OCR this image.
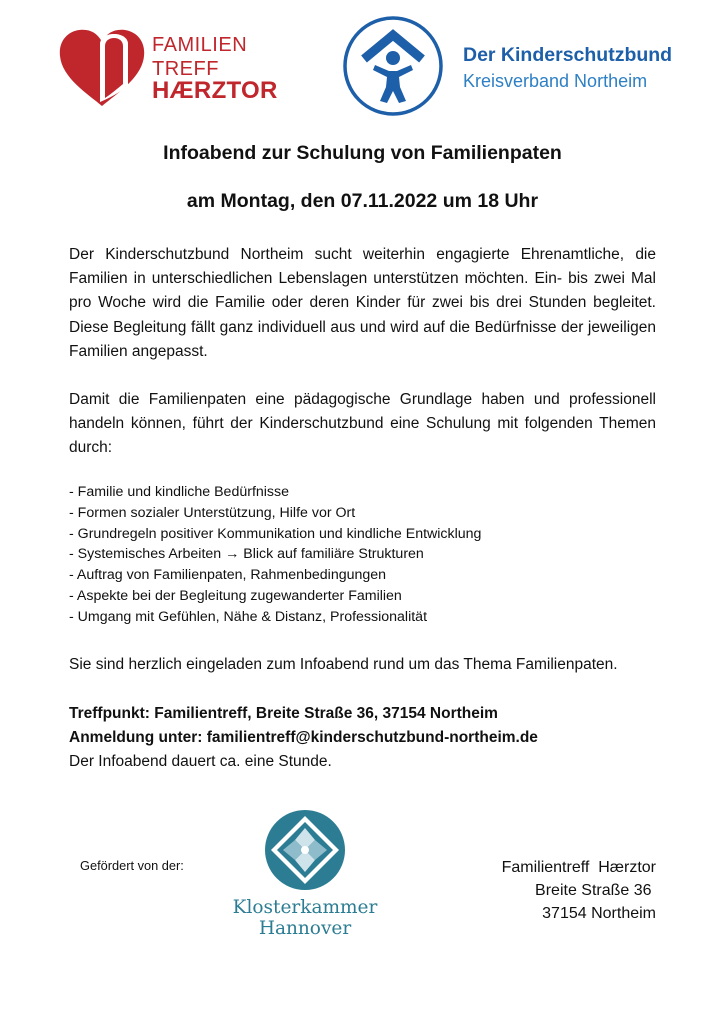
FAMILIEN
TREFF
HÆRZTOR
Der Kinderschutzbund
Kreisverband Northeim
Infoabend zur Schulung von Familienpaten
am Montag, den 07.11.2022 um 18 Uhr
Der Kinderschutzbund Northeim sucht weiterhin engagierte Ehrenamtliche, die Familien in unterschiedlichen Lebenslagen unterstützen möchten. Ein- bis zwei Mal pro Woche wird die Familie oder deren Kinder für zwei bis drei Stunden begleitet. Diese Begleitung fällt ganz individuell aus und wird auf die Bedürfnisse der jeweiligen Familien angepasst.
Damit die Familienpaten eine pädagogische Grundlage haben und professionell handeln können, führt der Kinderschutzbund eine Schulung mit folgenden Themen durch:
- Familie und kindliche Bedürfnisse
- Formen sozialer Unterstützung, Hilfe vor Ort
- Grundregeln positiver Kommunikation und kindliche Entwicklung
- Systemisches Arbeiten → Blick auf familiäre Strukturen
- Auftrag von Familienpaten, Rahmenbedingungen
- Aspekte bei der Begleitung zugewanderter Familien
- Umgang mit Gefühlen, Nähe & Distanz, Professionalität
Sie sind herzlich eingeladen zum Infoabend rund um das Thema Familienpaten.
Treffpunkt: Familientreff, Breite Straße 36, 37154 Northeim
Anmeldung unter: familientreff@kinderschutzbund-northeim.de
Der Infoabend dauert ca. eine Stunde.
Gefördert von der:
Klosterkammer
Hannover
Familientreff  Hærztor
Breite Straße 36
37154 Northeim
